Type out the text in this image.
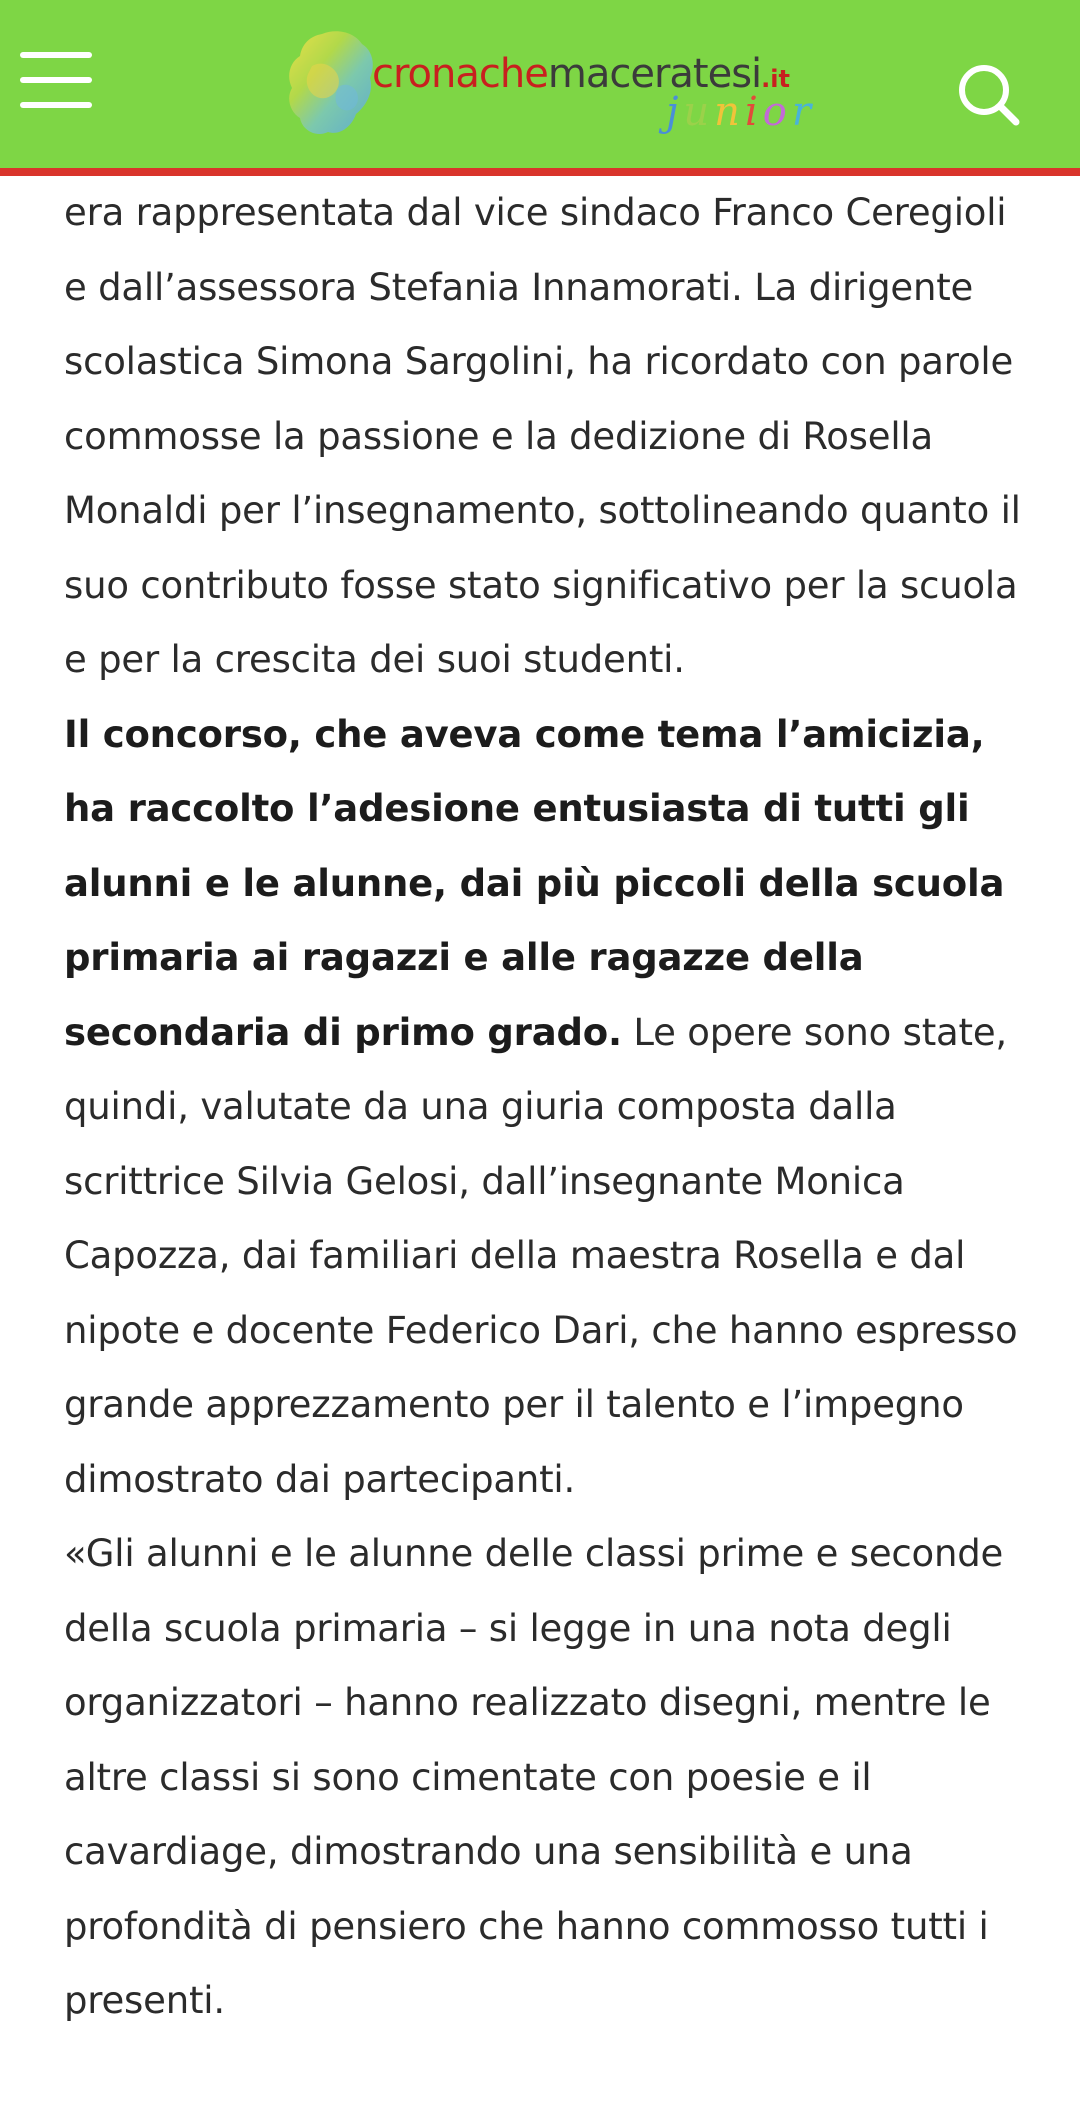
cronachemaceratesi.it
junior

era rappresentata dal vice sindaco Franco Ceregioli e dall’assessora Stefania Innamorati. La dirigente scolastica Simona Sargolini, ha ricordato con parole commosse la passione e la dedizione di Rosella Monaldi per l’insegnamento, sottolineando quanto il suo contributo fosse stato significativo per la scuola e per la crescita dei suoi studenti.

Il concorso, che aveva come tema l’amicizia, ha raccolto l’adesione entusiasta di tutti gli alunni e le alunne, dai più piccoli della scuola primaria ai ragazzi e alle ragazze della secondaria di primo grado. Le opere sono state, quindi, valutate da una giuria composta dalla scrittrice Silvia Gelosi, dall’insegnante Monica Capozza, dai familiari della maestra Rosella e dal nipote e docente Federico Dari, che hanno espresso grande apprezzamento per il talento e l’impegno dimostrato dai partecipanti.

«Gli alunni e le alunne delle classi prime e seconde della scuola primaria – si legge in una nota degli organizzatori – hanno realizzato disegni, mentre le altre classi si sono cimentate con poesie e il cavardiage, dimostrando una sensibilità e una profondità di pensiero che hanno commosso tutti i presenti.
